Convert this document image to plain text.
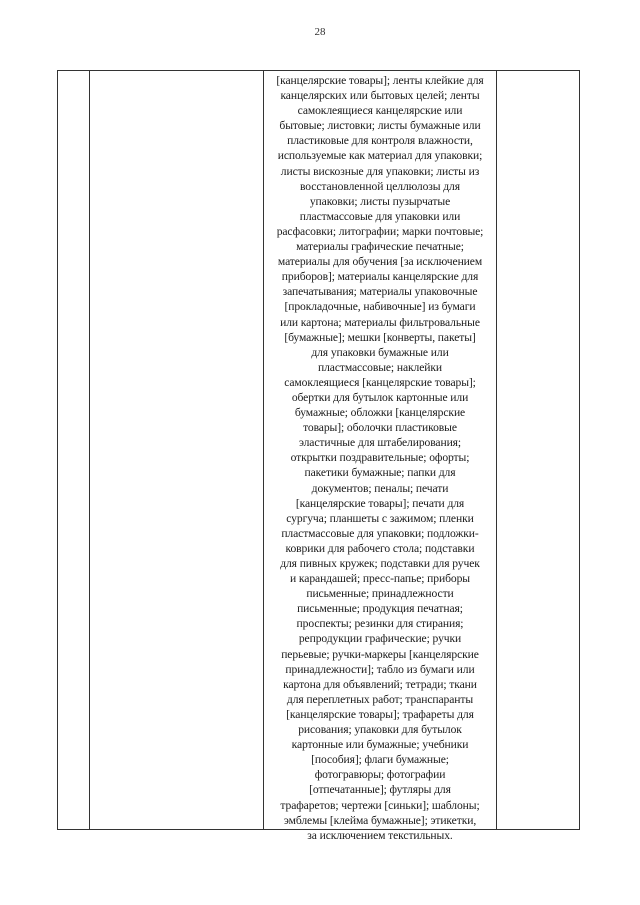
28
[канцелярские товары]; ленты клейкие для
канцелярских или бытовых целей; ленты
самоклеящиеся канцелярские или
бытовые; листовки; листы бумажные или
пластиковые для контроля влажности,
используемые как материал для упаковки;
листы вискозные для упаковки; листы из
восстановленной целлюлозы для
упаковки; листы пузырчатые
пластмассовые для упаковки или
расфасовки; литографии; марки почтовые;
материалы графические печатные;
материалы для обучения [за исключением
приборов]; материалы канцелярские для
запечатывания; материалы упаковочные
[прокладочные, набивочные] из бумаги
или картона; материалы фильтровальные
[бумажные]; мешки [конверты, пакеты]
для упаковки бумажные или
пластмассовые; наклейки
самоклеящиеся [канцелярские товары];
обертки для бутылок картонные или
бумажные; обложки [канцелярские
товары]; оболочки пластиковые
эластичные для штабелирования;
открытки поздравительные; офорты;
пакетики бумажные; папки для
документов; пеналы; печати
[канцелярские товары]; печати для
сургуча; планшеты с зажимом; пленки
пластмассовые для упаковки; подложки-
коврики для рабочего стола; подставки
для пивных кружек; подставки для ручек
и карандашей; пресс-папье; приборы
письменные; принадлежности
письменные; продукция печатная;
проспекты; резинки для стирания;
репродукции графические; ручки
перьевые; ручки-маркеры [канцелярские
принадлежности]; табло из бумаги или
картона для объявлений; тетради; ткани
для переплетных работ; транспаранты
[канцелярские товары]; трафареты для
рисования; упаковки для бутылок
картонные или бумажные; учебники
[пособия]; флаги бумажные;
фотогравюры; фотографии
[отпечатанные]; футляры для
трафаретов; чертежи [синьки]; шаблоны;
эмблемы [клейма бумажные]; этикетки,
за исключением текстильных.
